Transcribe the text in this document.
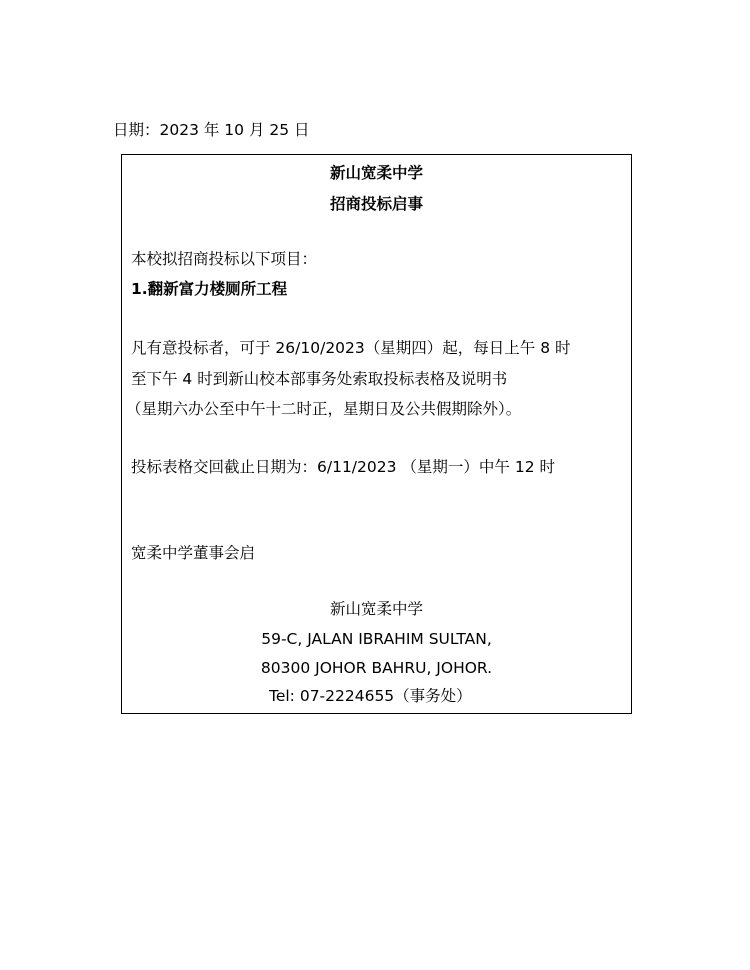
日期：2023 年 10 月 25 日
新山宽柔中学
招商投标启事
本校拟招商投标以下项目：
1.翻新富力楼厕所工程
凡有意投标者，可于 26/10/2023（星期四）起，每日上午 8 时
至下午 4 时到新山校本部事务处索取投标表格及说明书
（星期六办公至中午十二时正，星期日及公共假期除外）。
投标表格交回截止日期为：6/11/2023 （星期一）中午 12 时
宽柔中学董事会启
新山宽柔中学
59-C, JALAN IBRAHIM SULTAN,
80300 JOHOR BAHRU, JOHOR.
Tel: 07-2224655（事务处）
